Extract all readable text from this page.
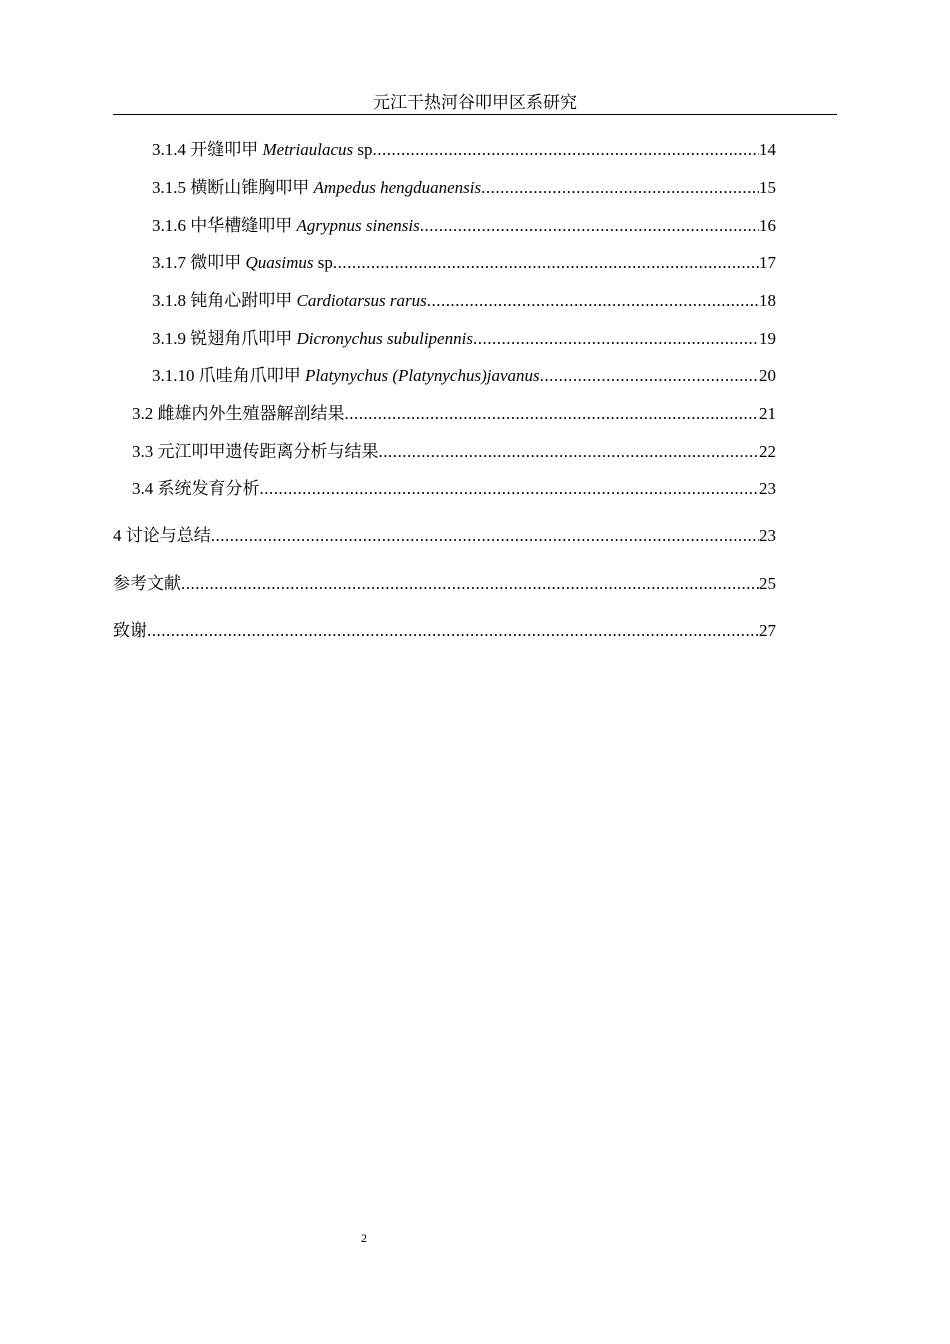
元江干热河谷叩甲区系研究
3.1.4 开缝叩甲 Metriaulacus sp .....	14
3.1.5 横断山锥胸叩甲 Ampedus hengduanensis .....	15
3.1.6 中华槽缝叩甲 Agrypnus sinensis .....	16
3.1.7 微叩甲 Quasimus sp .....	17
3.1.8 钝角心跗叩甲 Cardiotarsus rarus .....	18
3.1.9 锐翅角爪叩甲 Dicronychus subulipennis .....	19
3.1.10 爪哇角爪叩甲 Platynychus (Platynychus)javanus .....	20
3.2 雌雄内外生殖器解剖结果 .....	21
3.3 元江叩甲遗传距离分析与结果 .....	22
3.4 系统发育分析 .....	23
4 讨论与总结 .....	23
参考文献 .....	25
致谢 .....	27
2
